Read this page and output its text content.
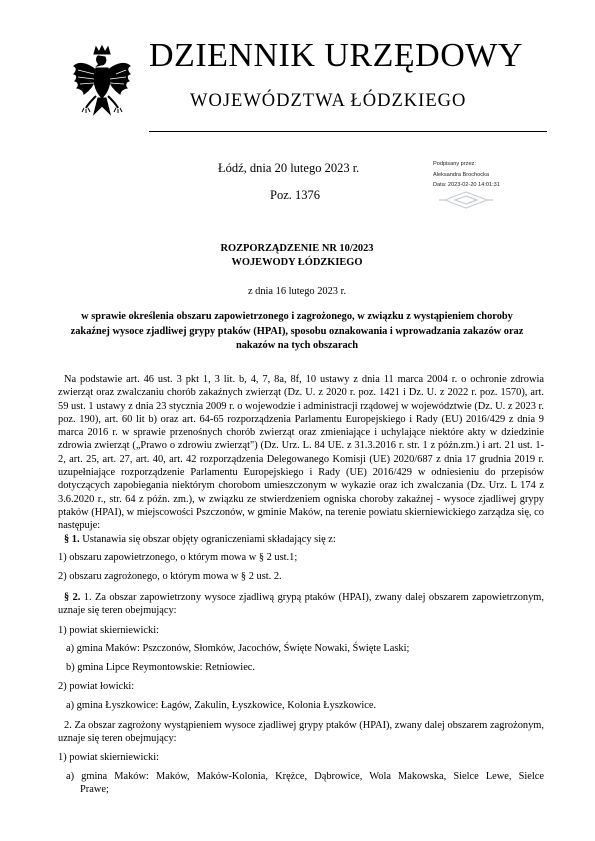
DZIENNIK URZĘDOWY
WOJEWÓDZTWA ŁÓDZKIEGO
Łódź, dnia 20 lutego 2023 r.
Poz. 1376
Podpisany przez:
Aleksandra Brochocka
Data: 2023-02-20 14:01:31
ROZPORZĄDZENIE NR 10/2023
WOJEWODY ŁÓDZKIEGO
z dnia 16 lutego 2023 r.
w sprawie określenia obszaru zapowietrzonego i zagrożonego, w związku z wystąpieniem choroby
zakaźnej wysoce zjadliwej grypy ptaków (HPAI), sposobu oznakowania i wprowadzania zakazów oraz
nakazów na tych obszarach
Na podstawie art. 46 ust. 3 pkt 1, 3 lit. b, 4, 7, 8a, 8f, 10 ustawy z dnia 11 marca 2004 r. o ochronie zdrowia zwierząt oraz zwalczaniu chorób zakaźnych zwierząt (Dz. U. z 2020 r. poz. 1421 i Dz. U. z 2022 r. poz. 1570), art. 59 ust. 1 ustawy z dnia 23 stycznia 2009 r. o wojewodzie i administracji rządowej w województwie (Dz. U. z 2023 r. poz. 190), art. 60 lit b) oraz art. 64-65 rozporządzenia Parlamentu Europejskiego i Rady (EU) 2016/429 z dnia 9 marca 2016 r. w sprawie przenośnych chorób zwierząt oraz zmieniające i uchylające niektóre akty w dziedzinie zdrowia zwierząt („Prawo o zdrowiu zwierząt") (Dz. Urz. L. 84 UE. z 31.3.2016 r. str. 1 z późn.zm.) i art. 21 ust. 1-2, art. 25, art. 27, art. 40, art. 42 rozporządzenia Delegowanego Komisji (UE) 2020/687 z dnia 17 grudnia 2019 r. uzupełniające rozporządzenie Parlamentu Europejskiego i Rady (UE) 2016/429 w odniesieniu do przepisów dotyczących zapobiegania niektórym chorobom umieszczonym w wykazie oraz ich zwalczania (Dz. Urz. L 174 z 3.6.2020 r., str. 64 z późn. zm.), w związku ze stwierdzeniem ogniska choroby zakaźnej - wysoce zjadliwej grypy ptaków (HPAI), w miejscowości Pszczonów, w gminie Maków, na terenie powiatu skierniewickiego zarządza się, co następuje:
§ 1. Ustanawia się obszar objęty ograniczeniami składający się z:
1) obszaru zapowietrzonego, o którym mowa w § 2 ust.1;
2) obszaru zagrożonego, o którym mowa w § 2 ust. 2.
§ 2. 1. Za obszar zapowietrzony wysoce zjadliwą grypą ptaków (HPAI), zwany dalej obszarem zapowietrzonym, uznaje się teren obejmujący:
1) powiat skierniewicki:
a) gmina Maków: Pszczonów, Słomków, Jacochów, Święte Nowaki, Święte Laski;
b) gmina Lipce Reymontowskie: Retniowiec.
2) powiat łowicki:
a) gmina Łyszkowice: Łagów, Zakulin, Łyszkowice, Kolonia Łyszkowice.
2. Za obszar zagrożony wystąpieniem wysoce zjadliwej grypy ptaków (HPAI), zwany dalej obszarem zagrożonym, uznaje się teren obejmujący:
1) powiat skierniewicki:
a) gmina Maków: Maków, Maków-Kolonia, Krężce, Dąbrowice, Wola Makowska, Sielce Lewe, Sielce
Prawe;
